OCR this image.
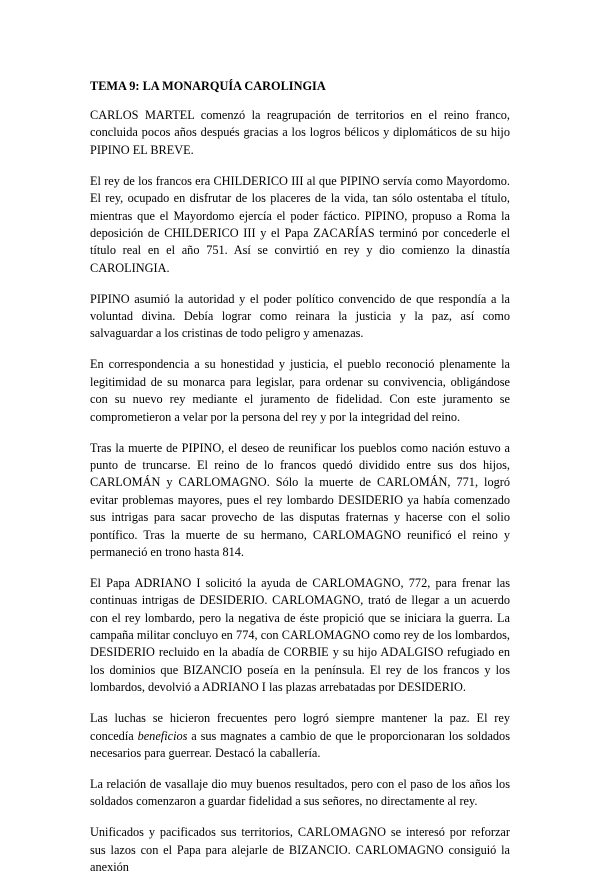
TEMA 9: LA MONARQUÍA CAROLINGIA

CARLOS MARTEL comenzó la reagrupación de territorios en el reino franco, concluida pocos años después gracias a los logros bélicos y diplomáticos de su hijo PIPINO EL BREVE.

El rey de los francos era CHILDERICO III al que PIPINO servía como Mayordomo. El rey, ocupado en disfrutar de los placeres de la vida, tan sólo ostentaba el título, mientras que el Mayordomo ejercía el poder fáctico. PIPINO, propuso a Roma la deposición de CHILDERICO III y el Papa ZACARÍAS terminó por concederle el título real en el año 751. Así se convirtió en rey y dio comienzo la dinastía CAROLINGIA.

PIPINO asumió la autoridad y el poder político convencido de que respondía a la voluntad divina. Debía lograr como reinara la justicia y la paz, así como salvaguardar a los cristinas de todo peligro y amenazas.

En correspondencia a su honestidad y justicia, el pueblo reconoció plenamente la legitimidad de su monarca para legislar, para ordenar su convivencia, obligándose con su nuevo rey mediante el juramento de fidelidad. Con este juramento se comprometieron a velar por la persona del rey y por la integridad del reino.

Tras la muerte de PIPINO, el deseo de reunificar los pueblos como nación estuvo a punto de truncarse. El reino de lo francos quedó dividido entre sus dos hijos, CARLOMÁN y CARLOMAGNO. Sólo la muerte de CARLOMÁN, 771, logró evitar problemas mayores, pues el rey lombardo DESIDERIO ya había comenzado sus intrigas para sacar provecho de las disputas fraternas y hacerse con el solio pontífico. Tras la muerte de su hermano, CARLOMAGNO reunificó el reino y permaneció en trono hasta 814.

El Papa ADRIANO I solicitó la ayuda de CARLOMAGNO, 772, para frenar las continuas intrigas de DESIDERIO. CARLOMAGNO, trató de llegar a un acuerdo con el rey lombardo, pero la negativa de éste propició que se iniciara la guerra. La campaña militar concluyo en 774, con CARLOMAGNO como rey de los lombardos, DESIDERIO recluido en la abadía de CORBIE y su hijo ADALGISO refugiado en los dominios que BIZANCIO poseía en la península. El rey de los francos y los lombardos, devolvió a ADRIANO I las plazas arrebatadas por DESIDERIO.

Las luchas se hicieron frecuentes pero logró siempre mantener la paz. El rey concedía beneficios a sus magnates a cambio de que le proporcionaran los soldados necesarios para guerrear. Destacó la caballería.

La relación de vasallaje dio muy buenos resultados, pero con el paso de los años los soldados comenzaron a guardar fidelidad a sus señores, no directamente al rey.

Unificados y pacificados sus territorios, CARLOMAGNO se interesó por reforzar sus lazos con el Papa para alejarle de BIZANCIO. CARLOMAGNO consiguió la anexión
